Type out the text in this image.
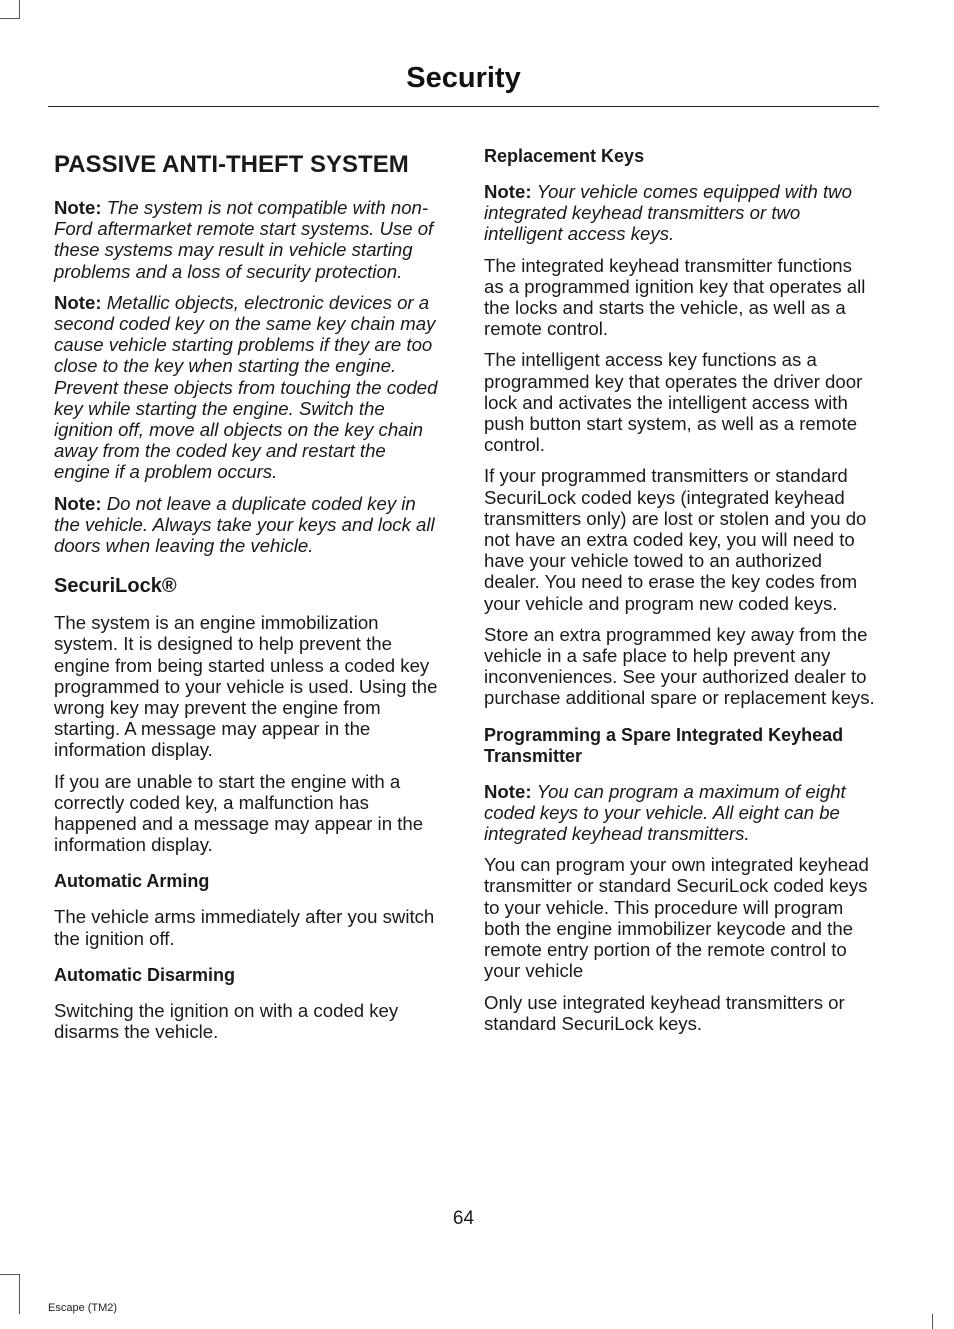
Security
PASSIVE ANTI-THEFT SYSTEM

Note: The system is not compatible with non-Ford aftermarket remote start systems. Use of these systems may result in vehicle starting problems and a loss of security protection.

Note: Metallic objects, electronic devices or a second coded key on the same key chain may cause vehicle starting problems if they are too close to the key when starting the engine. Prevent these objects from touching the coded key while starting the engine. Switch the ignition off, move all objects on the key chain away from the coded key and restart the engine if a problem occurs.

Note: Do not leave a duplicate coded key in the vehicle. Always take your keys and lock all doors when leaving the vehicle.

SecuriLock®

The system is an engine immobilization system. It is designed to help prevent the engine from being started unless a coded key programmed to your vehicle is used. Using the wrong key may prevent the engine from starting. A message may appear in the information display.

If you are unable to start the engine with a correctly coded key, a malfunction has happened and a message may appear in the information display.

Automatic Arming

The vehicle arms immediately after you switch the ignition off.

Automatic Disarming

Switching the ignition on with a coded key disarms the vehicle.

Replacement Keys

Note: Your vehicle comes equipped with two integrated keyhead transmitters or two intelligent access keys.

The integrated keyhead transmitter functions as a programmed ignition key that operates all the locks and starts the vehicle, as well as a remote control.

The intelligent access key functions as a programmed key that operates the driver door lock and activates the intelligent access with push button start system, as well as a remote control.

If your programmed transmitters or standard SecuriLock coded keys (integrated keyhead transmitters only) are lost or stolen and you do not have an extra coded key, you will need to have your vehicle towed to an authorized dealer. You need to erase the key codes from your vehicle and program new coded keys.

Store an extra programmed key away from the vehicle in a safe place to help prevent any inconveniences. See your authorized dealer to purchase additional spare or replacement keys.

Programming a Spare Integrated Keyhead Transmitter

Note: You can program a maximum of eight coded keys to your vehicle. All eight can be integrated keyhead transmitters.

You can program your own integrated keyhead transmitter or standard SecuriLock coded keys to your vehicle. This procedure will program both the engine immobilizer keycode and the remote entry portion of the remote control to your vehicle

Only use integrated keyhead transmitters or standard SecuriLock keys.

64

Escape (TM2)
